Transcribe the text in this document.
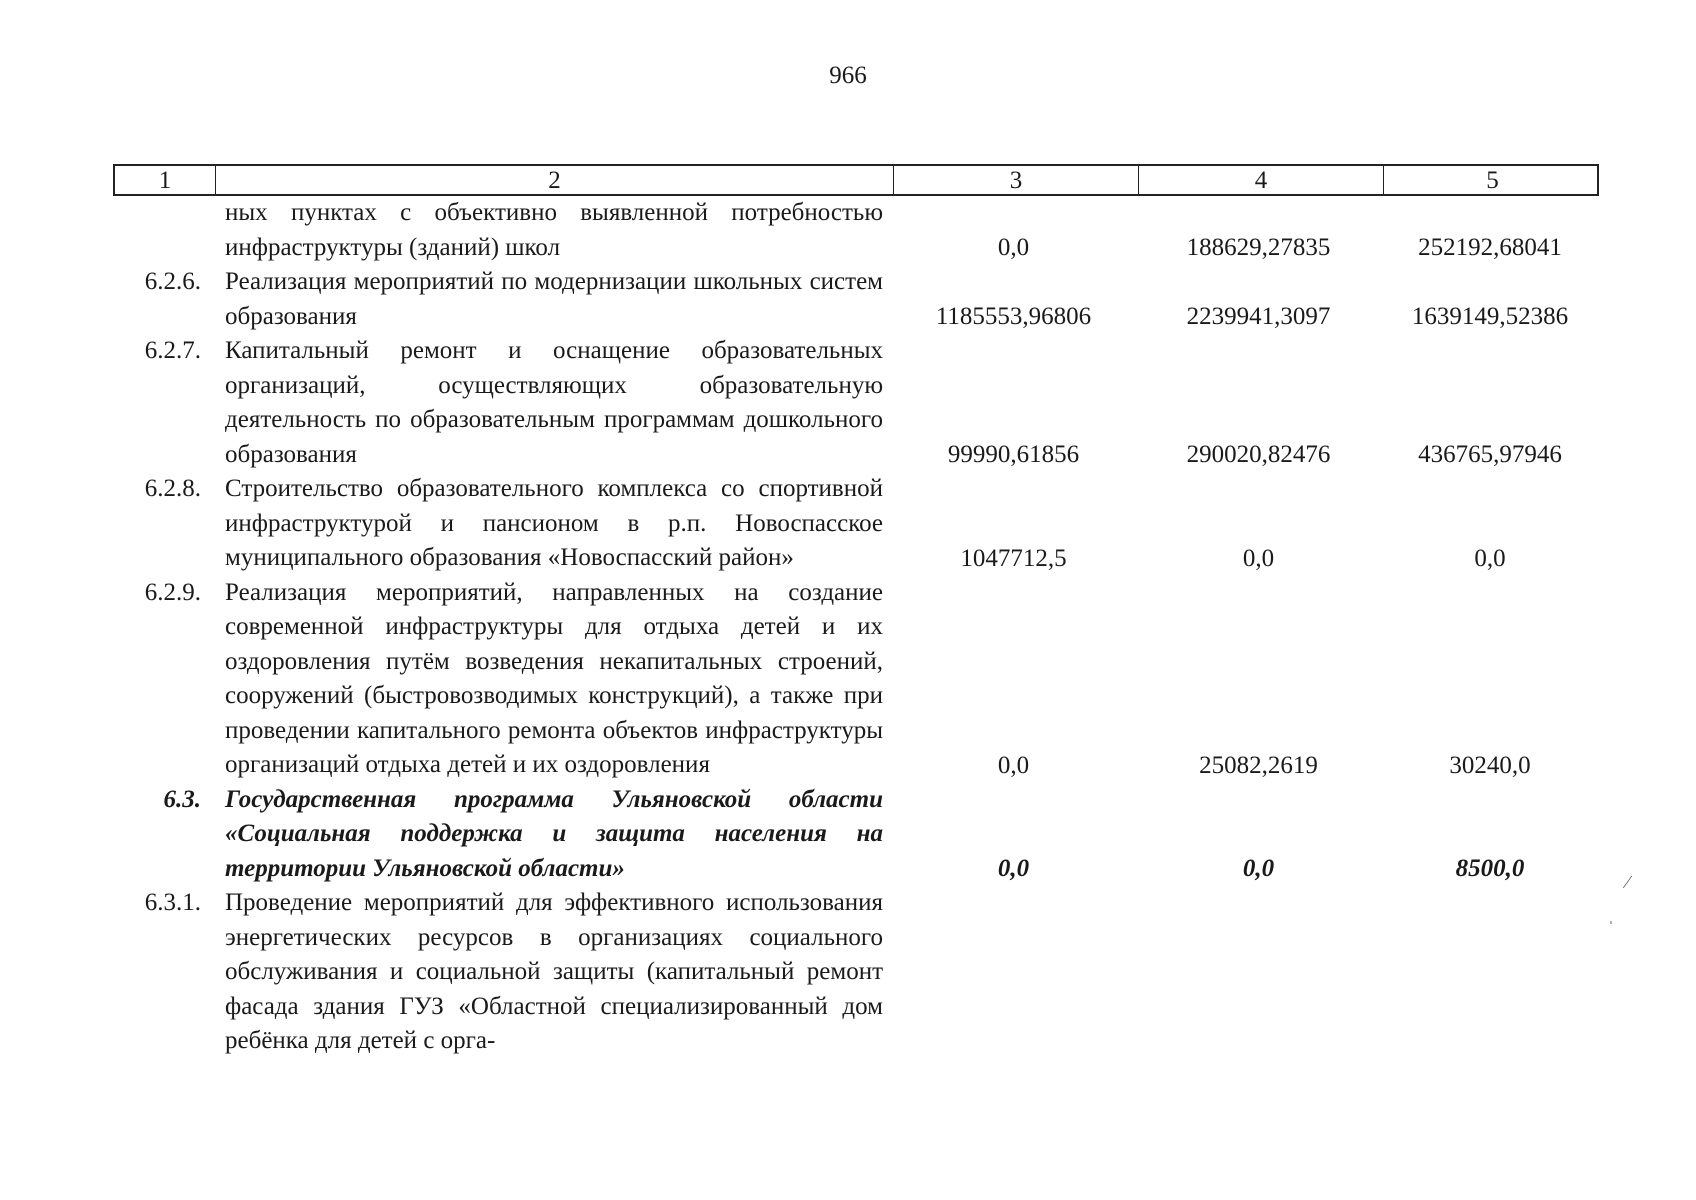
966
1	2	3	4	5
ных пунктах с объективно выявленной потребностью инфраструктуры (зданий) школ	0,0	188629,27835	252192,68041
6.2.6. Реализация мероприятий по модернизации школьных систем образования	1185553,96806	2239941,3097	1639149,52386
6.2.7. Капитальный ремонт и оснащение образовательных организаций, осуществляющих образовательную деятельность по образовательным программам дошкольного образования	99990,61856	290020,82476	436765,97946
6.2.8. Строительство образовательного комплекса со спортивной инфраструктурой и пансионом в р.п. Новоспасское муниципального образования «Новоспасский район»	1047712,5	0,0	0,0
6.2.9. Реализация мероприятий, направленных на создание современной инфраструктуры для отдыха детей и их оздоровления путём возведения некапитальных строений, сооружений (быстровозводимых конструкций), а также при проведении капитального ремонта объектов инфраструктуры организаций отдыха детей и их оздоровления	0,0	25082,2619	30240,0
6.3. Государственная программа Ульяновской области «Социальная поддержка и защита населения на территории Ульяновской области»	0,0	0,0	8500,0
6.3.1. Проведение мероприятий для эффективного использования энергетических ресурсов в организациях социального обслуживания и социальной защиты (капитальный ремонт фасада здания ГУЗ «Областной специализированный дом ребёнка для детей с орга-
⁄
ˌ
